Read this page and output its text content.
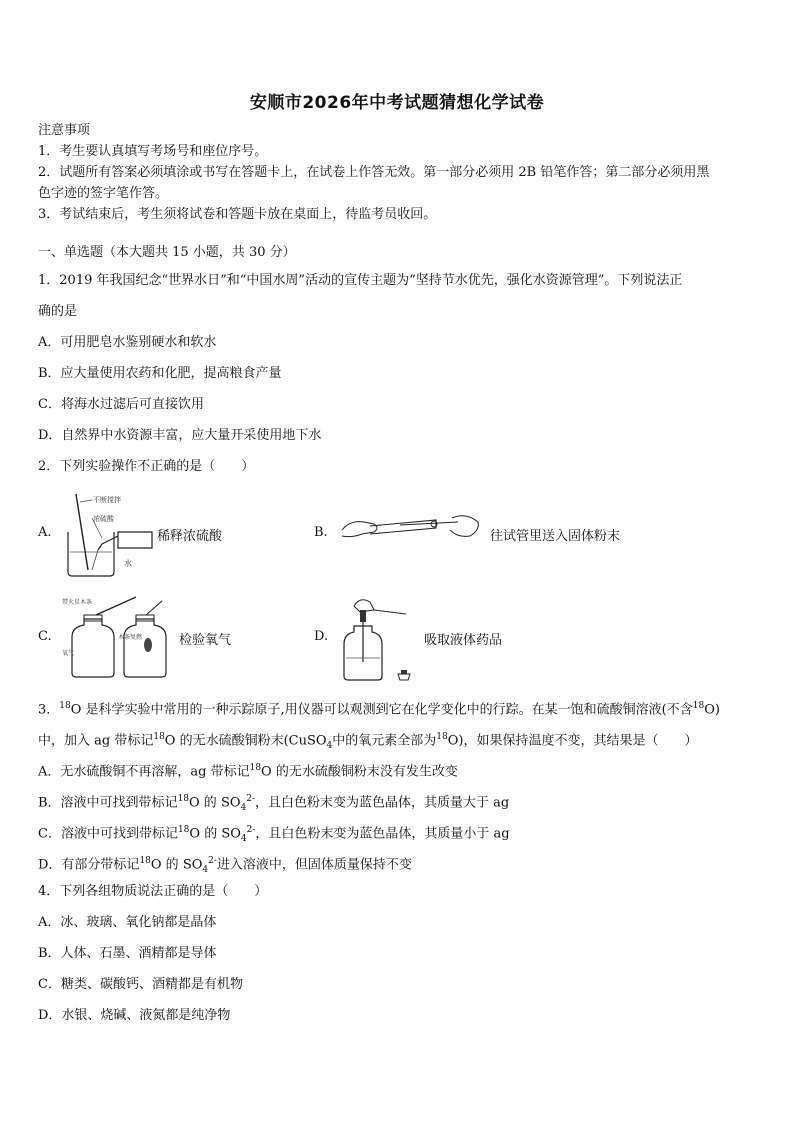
安顺市2026年中考试题猜想化学试卷
注意事项
1．考生要认真填写考场号和座位序号。
2．试题所有答案必须填涂或书写在答题卡上，在试卷上作答无效。第一部分必须用 2B 铅笔作答；第二部分必须用黑
色字迹的签字笔作答。
3．考试结束后，考生须将试卷和答题卡放在桌面上，待监考员收回。
一、单选题（本大题共 15 小题，共 30 分）
1．2019 年我国纪念“世界水日”和“中国水周”活动的宣传主题为“坚持节水优先，强化水资源管理”。下列说法正
确的是
A．可用肥皂水鉴别硬水和软水
B．应大量使用农药和化肥，提高粮食产量
C．将海水过滤后可直接饮用
D．自然界中水资源丰富，应大量开采使用地下水
2．下列实验操作不正确的是（　　）
A.
不断搅拌
浓硫酸
水
稀释浓硫酸	B.	往试管里送入固体粉末
C.
带火星木条
氧气
木条复燃	检验氧气	D.	吸取液体药品
3．$^{18}$O 是科学实验中常用的一种示踪原子,用仪器可以观测到它在化学变化中的行踪。在某一饱和硫酸铜溶液(不含$^{18}$O)
中，加入 ag 带标记$^{18}$O 的无水硫酸铜粉末(CuSO$_4$中的氧元素全部为$^{18}$O)，如果保持温度不变，其结果是（　　）
A．无水硫酸铜不再溶解，ag 带标记$^{18}$O 的无水硫酸铜粉末没有发生改变
B．溶液中可找到带标记$^{18}$O 的 $SO_4^{2-}$，且白色粉末变为蓝色晶体，其质量大于 ag
C．溶液中可找到带标记$^{18}$O 的 $SO_4^{2-}$，且白色粉末变为蓝色晶体，其质量小于 ag
D．有部分带标记$^{18}$O 的 $SO_4^{2-}$进入溶液中，但固体质量保持不变
4．下列各组物质说法正确的是（　　）
A．冰、玻璃、氧化钠都是晶体
B．人体、石墨、酒精都是导体
C．糖类、碳酸钙、酒精都是有机物
D．水银、烧碱、液氮都是纯净物
